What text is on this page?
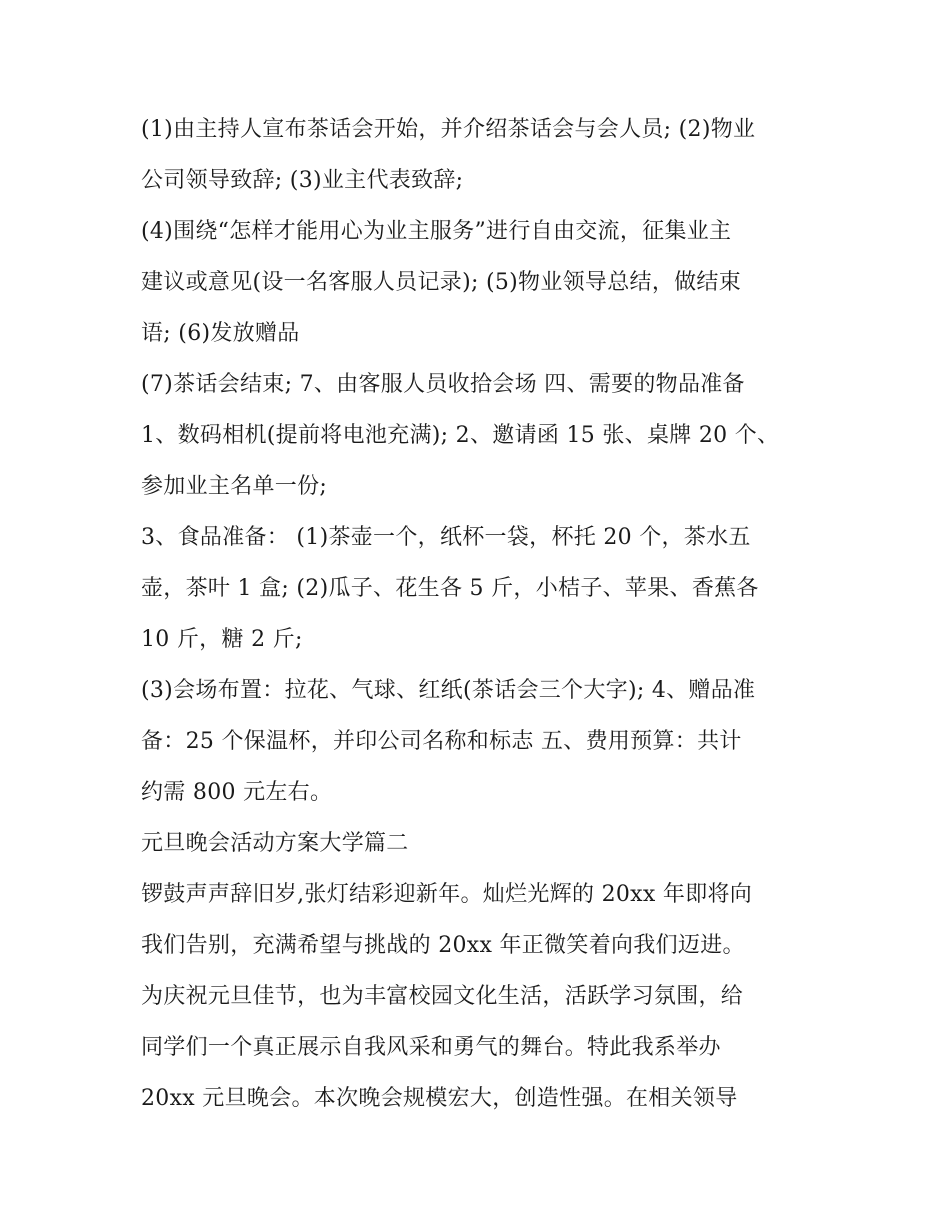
(1)由主持人宣布茶话会开始，并介绍茶话会与会人员; (2)物业
公司领导致辞; (3)业主代表致辞;
(4)围绕“怎样才能用心为业主服务”进行自由交流，征集业主
建议或意见(设一名客服人员记录); (5)物业领导总结，做结束
语; (6)发放赠品
(7)茶话会结束; 7、由客服人员收拾会场 四、需要的物品准备
1、数码相机(提前将电池充满); 2、邀请函 15 张、桌牌 20 个、
参加业主名单一份;
3、食品准备： (1)茶壶一个，纸杯一袋，杯托 20 个，茶水五
壶，茶叶 1 盒; (2)瓜子、花生各 5 斤，小桔子、苹果、香蕉各
10 斤，糖 2 斤;
(3)会场布置：拉花、气球、红纸(茶话会三个大字); 4、赠品准
备：25 个保温杯，并印公司名称和标志 五、费用预算：共计
约需 800 元左右。
元旦晚会活动方案大学篇二
锣鼓声声辞旧岁,张灯结彩迎新年。灿烂光辉的 20xx 年即将向
我们告别，充满希望与挑战的 20xx 年正微笑着向我们迈进。
为庆祝元旦佳节，也为丰富校园文化生活，活跃学习氛围，给
同学们一个真正展示自我风采和勇气的舞台。特此我系举办
20xx 元旦晚会。本次晚会规模宏大，创造性强。在相关领导
